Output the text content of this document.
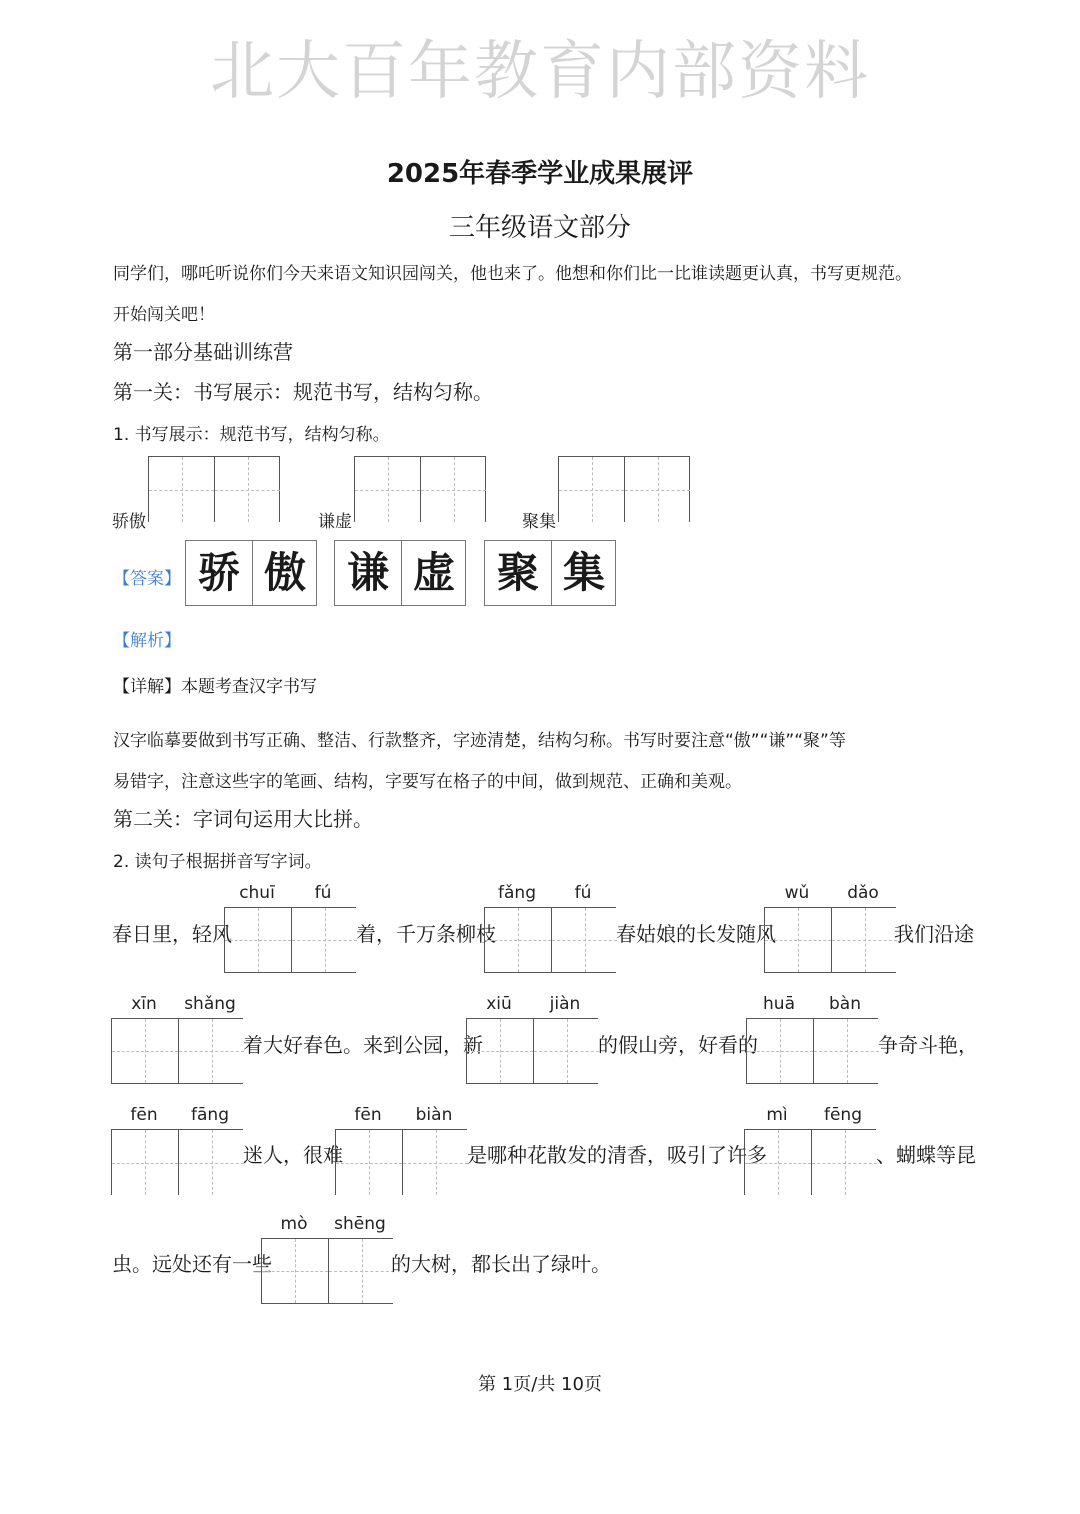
北大百年教育内部资料
2025年春季学业成果展评
三年级语文部分
同学们，哪吒听说你们今天来语文知识园闯关，他也来了。他想和你们比一比谁读题更认真，书写更规范。
开始闯关吧！
第一部分基础训练营
第一关：书写展示：规范书写，结构匀称。
1. 书写展示：规范书写，结构匀称。
骄傲	谦虚	聚集
【答案】 骄 傲 谦 虚 聚 集
【解析】
【详解】本题考查汉字书写
汉字临摹要做到书写正确、整洁、行款整齐，字迹清楚，结构匀称。书写时要注意“傲”“谦”“聚”等
易错字，注意这些字的笔画、结构，字要写在格子的中间，做到规范、正确和美观。
第二关：字词句运用大比拼。
2. 读句子根据拼音写字词。
春日里，轻风
chuī	fú
着，千万条柳枝
fǎng	fú
春姑娘的长发随风
wǔ	dǎo
我们沿途
xīn	shǎng
着大好春色。来到公园，新
xiū	jiàn
的假山旁，好看的
huā	bàn
争奇斗艳，
fēn	fāng
迷人，很难
fēn	biàn
是哪种花散发的清香，吸引了许多
mì	fēng
、蝴蝶等昆
虫。远处还有一些
mò	shēng
的大树，都长出了绿叶。
第 1页/共 10页
